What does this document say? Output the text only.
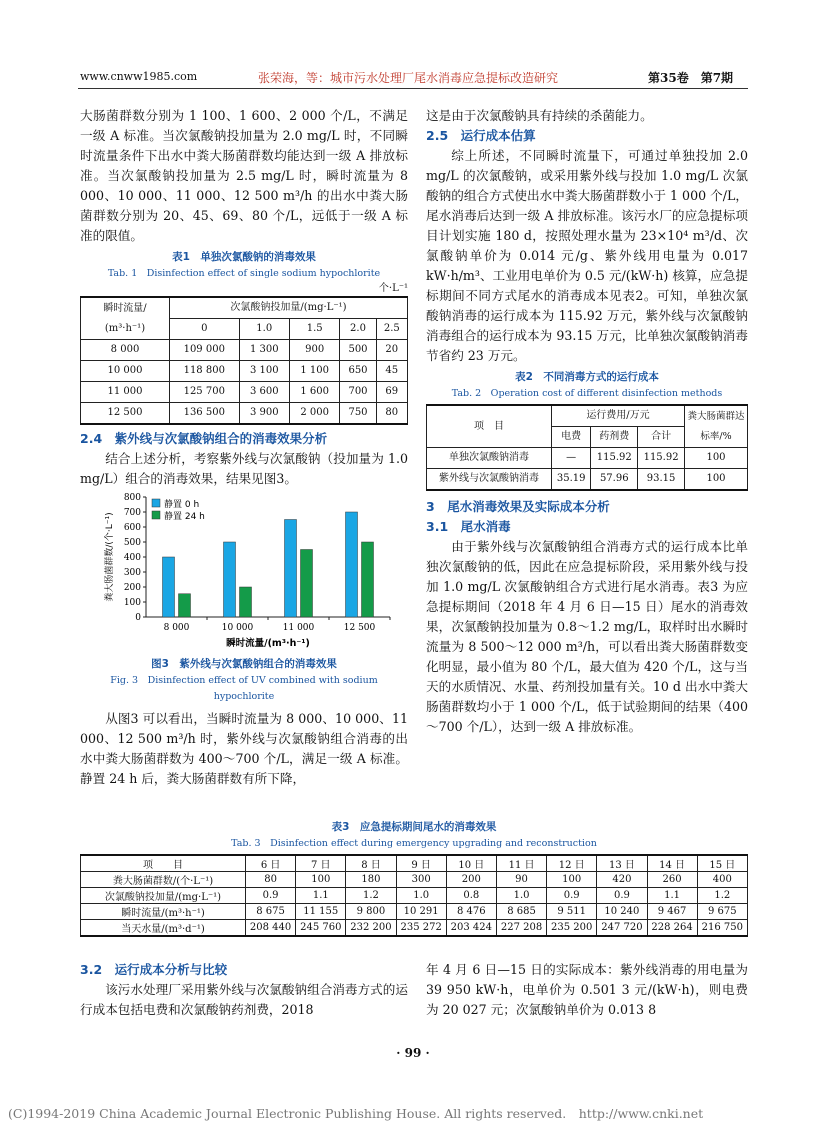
www.cnww1985.com	张荣海，等：城市污水处理厂尾水消毒应急提标改造研究	第35卷　第7期

大肠菌群数分别为 1 100、1 600、2 000 个/L，不满足一级 A 标准。当次氯酸钠投加量为 2.0 mg/L 时，不同瞬时流量条件下出水中粪大肠菌群数均能达到一级 A 排放标准。当次氯酸钠投加量为 2.5 mg/L 时，瞬时流量为 8 000、10 000、11 000、12 500 m³/h 的出水中粪大肠菌群数分别为 20、45、69、80 个/L，远低于一级 A 标准的限值。

表1　单独次氯酸钠的消毒效果
Tab. 1　Disinfection effect of single sodium hypochlorite
个·L⁻¹
瞬时流量/ (m³·h⁻¹)	次氯酸钠投加量/(mg·L⁻¹)				
	0	1.0	1.5	2.0	2.5
8 000	109 000	1 300	900	500	20
10 000	118 800	3 100	1 100	650	45
11 000	125 700	3 600	1 600	700	69
12 500	136 500	3 900	2 000	750	80

2.4　紫外线与次氯酸钠组合的消毒效果分析

结合上述分析，考察紫外线与次氯酸钠（投加量为 1.0 mg/L）组合的消毒效果，结果见图3。

0
100
200
300
400
500
600
700
800
粪大肠菌群数/(个·L⁻¹)
8 000	10 000	11 000	12 500
瞬时流量/(m³·h⁻¹)
静置 0 h
静置 24 h
图3　紫外线与次氯酸钠组合的消毒效果
Fig. 3　Disinfection effect of UV combined with sodium hypochlorite

从图3 可以看出，当瞬时流量为 8 000、10 000、11 000、12 500 m³/h 时，紫外线与次氯酸钠组合消毒的出水中粪大肠菌群数为 400～700 个/L，满足一级 A 标准。静置 24 h 后，粪大肠菌群数有所下降，

这是由于次氯酸钠具有持续的杀菌能力。

2.5　运行成本估算

综上所述，不同瞬时流量下，可通过单独投加 2.0 mg/L 的次氯酸钠，或采用紫外线与投加 1.0 mg/L 次氯酸钠的组合方式使出水中粪大肠菌群数小于 1 000 个/L，尾水消毒后达到一级 A 排放标准。该污水厂的应急提标项目计划实施 180 d，按照处理水量为 23×10⁴ m³/d、次氯酸钠单价为 0.014 元/g、紫外线用电量为 0.017 kW·h/m³、工业用电单价为 0.5 元/(kW·h) 核算，应急提标期间不同方式尾水的消毒成本见表2。可知，单独次氯酸钠消毒的运行成本为 115.92 万元，紫外线与次氯酸钠消毒组合的运行成本为 93.15 万元，比单独次氯酸钠消毒节省约 23 万元。

表2　不同消毒方式的运行成本
Tab. 2　Operation cost of different disinfection methods
项　目	运行费用/万元			粪大肠菌群达标率/%
	电费	药剂费	合计	
单独次氯酸钠消毒	—	115.92	115.92	100
紫外线与次氯酸钠消毒	35.19	57.96	93.15	100

3　尾水消毒效果及实际成本分析

3.1　尾水消毒

由于紫外线与次氯酸钠组合消毒方式的运行成本比单独次氯酸钠的低，因此在应急提标阶段，采用紫外线与投加 1.0 mg/L 次氯酸钠组合方式进行尾水消毒。表3 为应急提标期间（2018 年 4 月 6 日—15 日）尾水的消毒效果，次氯酸钠投加量为 0.8～1.2 mg/L，取样时出水瞬时流量为 8 500～12 000 m³/h，可以看出粪大肠菌群数变化明显，最小值为 80 个/L，最大值为 420 个/L，这与当天的水质情况、水量、药剂投加量有关。10 d 出水中粪大肠菌群数均小于 1 000 个/L，低于试验期间的结果（400～700 个/L），达到一级 A 排放标准。

表3　应急提标期间尾水的消毒效果
Tab. 3　Disinfection effect during emergency upgrading and reconstruction
项　　目	6 日	7 日	8 日	9 日	10 日	11 日	12 日	13 日	14 日	15 日
粪大肠菌群数/(个·L⁻¹)	80	100	180	300	200	90	100	420	260	400
次氯酸钠投加量/(mg·L⁻¹)	0.9	1.1	1.2	1.0	0.8	1.0	0.9	0.9	1.1	1.2
瞬时流量/(m³·h⁻¹)	8 675	11 155	9 800	10 291	8 476	8 685	9 511	10 240	9 467	9 675
当天水量/(m³·d⁻¹)	208 440	245 760	232 200	235 272	203 424	227 208	235 200	247 720	228 264	216 750

3.2　运行成本分析与比较

该污水处理厂采用紫外线与次氯酸钠组合消毒方式的运行成本包括电费和次氯酸钠药剂费，2018

年 4 月 6 日—15 日的实际成本：紫外线消毒的用电量为 39 950 kW·h，电单价为 0.501 3 元/(kW·h)，则电费为 20 027 元；次氯酸钠单价为 0.013 8

· 99 ·
(C)1994-2019 China Academic Journal Electronic Publishing House. All rights reserved.　http://www.cnki.net
